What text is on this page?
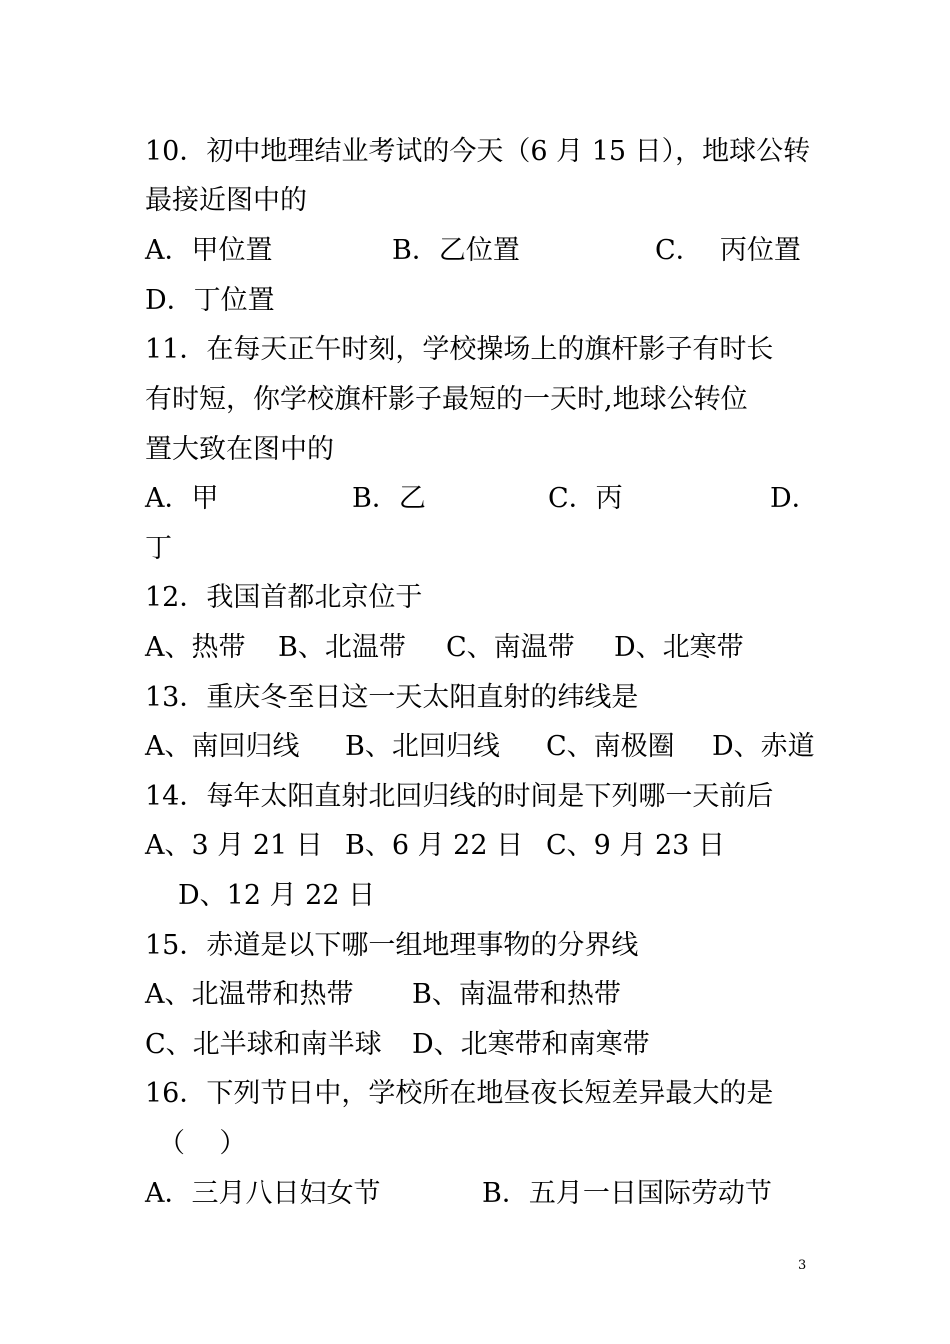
10．初中地理结业考试的今天（6 月 15 日），地球公转
最接近图中的
A．甲位置	B．乙位置	C．  丙位置
D．丁位置
11．在每天正午时刻，学校操场上的旗杆影子有时长
有时短，你学校旗杆影子最短的一天时,地球公转位
置大致在图中的
A．甲	B．乙	C．丙	D．
丁
12．我国首都北京位于
A、热带 B、北温带 C、南温带 D、北寒带
13．重庆冬至日这一天太阳直射的纬线是
A、南回归线 B、北回归线 C、南极圈 D、赤道
14．每年太阳直射北回归线的时间是下列哪一天前后
A、3 月 21 日 B、6 月 22 日 C、9 月 23 日
D、12 月 22 日
15．赤道是以下哪一组地理事物的分界线
A、北温带和热带 B、南温带和热带
C、北半球和南半球 D、北寒带和南寒带
16．下列节日中，学校所在地昼夜长短差异最大的是
（    ）
A．三月八日妇女节	B．五月一日国际劳动节
3
